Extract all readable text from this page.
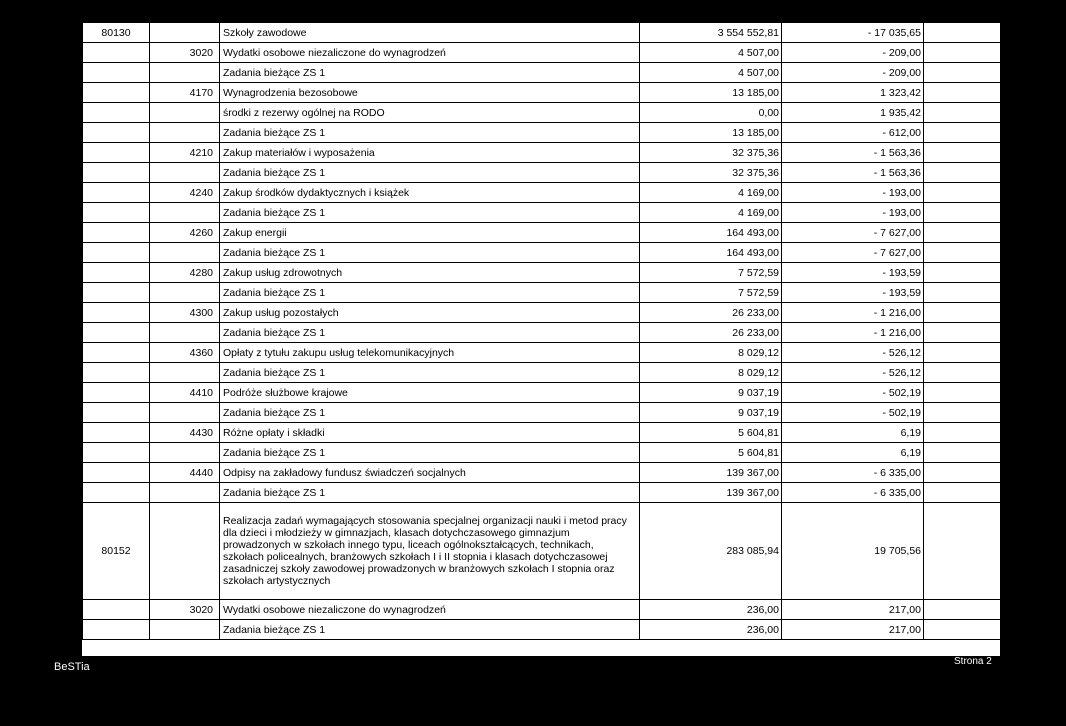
80130		Szkoły zawodowe	3 554 552,81	- 17 035,65	3 537 517,16
	3020	Wydatki osobowe niezaliczone do wynagrodzeń	4 507,00	- 209,00	4 298,00
		Zadania bieżące ZS 1	4 507,00	- 209,00	4 298,00
	4170	Wynagrodzenia bezosobowe	13 185,00	1 323,42	14 508,42
		środki z rezerwy ogólnej na RODO	0,00	1 935,42	1 935,42
		Zadania bieżące ZS 1	13 185,00	- 612,00	12 573,00
	4210	Zakup materiałów i wyposażenia	32 375,36	- 1 563,36	30 812,00
		Zadania bieżące ZS 1	32 375,36	- 1 563,36	30 812,00
	4240	Zakup środków dydaktycznych i książek	4 169,00	- 193,00	3 976,00
		Zadania bieżące ZS 1	4 169,00	- 193,00	3 976,00
	4260	Zakup energii	164 493,00	- 7 627,00	156 866,00
		Zadania bieżące ZS 1	164 493,00	- 7 627,00	156 866,00
	4280	Zakup usług zdrowotnych	7 572,59	- 193,59	7 379,00
		Zadania bieżące ZS 1	7 572,59	- 193,59	7 379,00
	4300	Zakup usług pozostałych	26 233,00	- 1 216,00	25 017,00
		Zadania bieżące ZS 1	26 233,00	- 1 216,00	25 017,00
	4360	Opłaty z tytułu zakupu usług telekomunikacyjnych	8 029,12	- 526,12	7 503,00
		Zadania bieżące ZS 1	8 029,12	- 526,12	7 503,00
	4410	Podróże służbowe krajowe	9 037,19	- 502,19	8 535,00
		Zadania bieżące ZS 1	9 037,19	- 502,19	8 535,00
	4430	Różne opłaty i składki	5 604,81	6,19	5 611,00
		Zadania bieżące ZS 1	5 604,81	6,19	5 611,00
	4440	Odpisy na zakładowy fundusz świadczeń socjalnych	139 367,00	- 6 335,00	133 032,00
		Zadania bieżące ZS 1	139 367,00	- 6 335,00	133 032,00
80152		Realizacja zadań wymagających stosowania specjalnej organizacji nauki i metod pracy dla dzieci i młodzieży w gimnazjach, klasach dotychczasowego gimnazjum prowadzonych w szkołach innego typu, liceach ogólnokształcących, technikach, szkołach policealnych, branżowych szkołach I i II stopnia i klasach dotychczasowej zasadniczej szkoły zawodowej prowadzonych w branżowych szkołach I stopnia oraz szkołach artystycznych	283 085,94	19 705,56	302 791,50
	3020	Wydatki osobowe niezaliczone do wynagrodzeń	236,00	217,00	453,00
		Zadania bieżące ZS 1	236,00	217,00	453,00
BeSTia	Strona 2
